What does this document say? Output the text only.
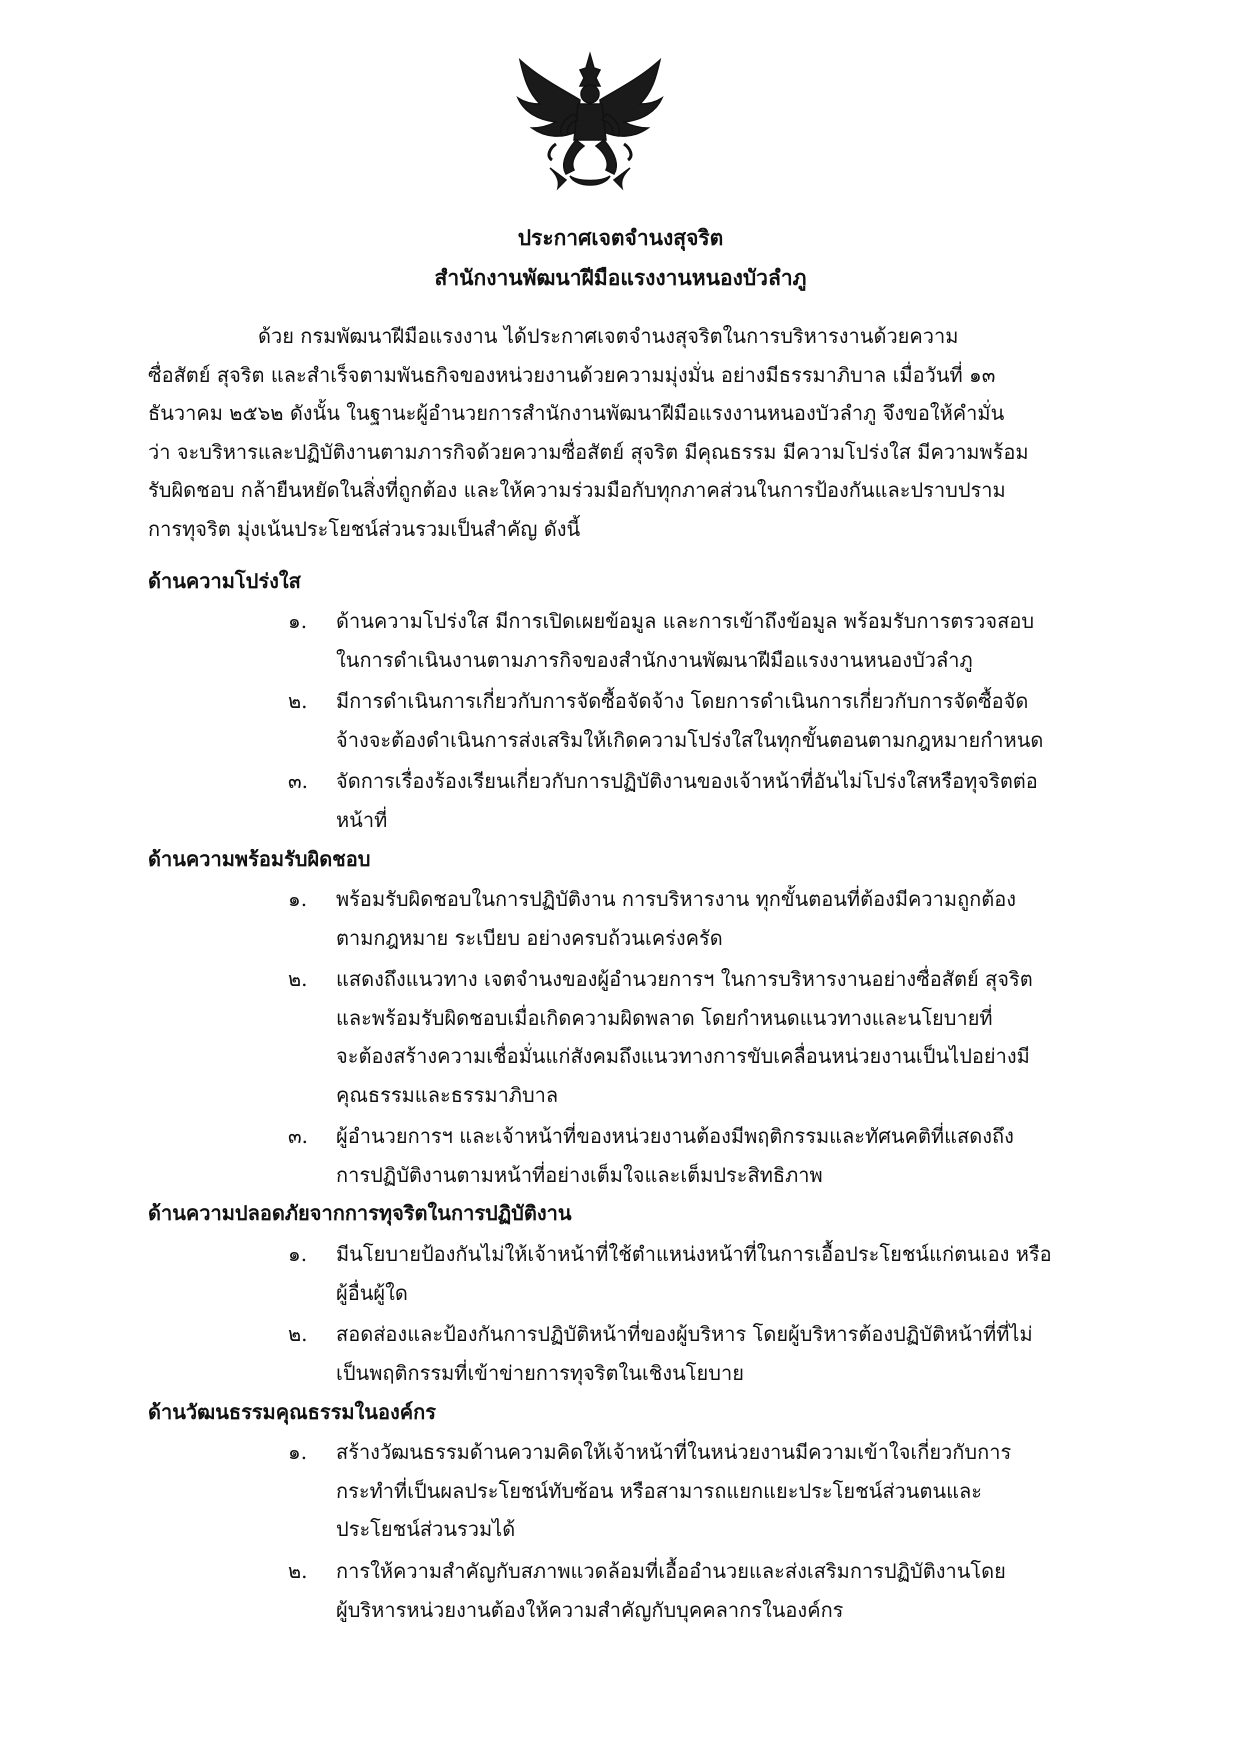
ประกาศเจตจำนงสุจริต
สำนักงานพัฒนาฝีมือแรงงานหนองบัวลำภู
ด้วย กรมพัฒนาฝีมือแรงงาน ได้ประกาศเจตจำนงสุจริตในการบริหารงานด้วยความ
ซื่อสัตย์ สุจริต และสำเร็จตามพันธกิจของหน่วยงานด้วยความมุ่งมั่น อย่างมีธรรมาภิบาล เมื่อวันที่ ๑๓
ธันวาคม ๒๕๖๒ ดังนั้น ในฐานะผู้อำนวยการสำนักงานพัฒนาฝีมือแรงงานหนองบัวลำภู จึงขอให้คำมั่น
ว่า จะบริหารและปฏิบัติงานตามภารกิจด้วยความซื่อสัตย์ สุจริต มีคุณธรรม มีความโปร่งใส มีความพร้อม
รับผิดชอบ กล้ายืนหยัดในสิ่งที่ถูกต้อง และให้ความร่วมมือกับทุกภาคส่วนในการป้องกันและปราบปราม
การทุจริต มุ่งเน้นประโยชน์ส่วนรวมเป็นสำคัญ ดังนี้
ด้านความโปร่งใส
๑. ด้านความโปร่งใส มีการเปิดเผยข้อมูล และการเข้าถึงข้อมูล พร้อมรับการตรวจสอบ
ในการดำเนินงานตามภารกิจของสำนักงานพัฒนาฝีมือแรงงานหนองบัวลำภู
๒. มีการดำเนินการเกี่ยวกับการจัดซื้อจัดจ้าง โดยการดำเนินการเกี่ยวกับการจัดซื้อจัด
จ้างจะต้องดำเนินการส่งเสริมให้เกิดความโปร่งใสในทุกขั้นตอนตามกฎหมายกำหนด
๓. จัดการเรื่องร้องเรียนเกี่ยวกับการปฏิบัติงานของเจ้าหน้าที่อันไม่โปร่งใสหรือทุจริตต่อ
หน้าที่
ด้านความพร้อมรับผิดชอบ
๑. พร้อมรับผิดชอบในการปฏิบัติงาน การบริหารงาน ทุกขั้นตอนที่ต้องมีความถูกต้อง
ตามกฎหมาย ระเบียบ อย่างครบถ้วนเคร่งครัด
๒. แสดงถึงแนวทาง เจตจำนงของผู้อำนวยการฯ ในการบริหารงานอย่างซื่อสัตย์ สุจริต
และพร้อมรับผิดชอบเมื่อเกิดความผิดพลาด โดยกำหนดแนวทางและนโยบายที่
จะต้องสร้างความเชื่อมั่นแก่สังคมถึงแนวทางการขับเคลื่อนหน่วยงานเป็นไปอย่างมี
คุณธรรมและธรรมาภิบาล
๓. ผู้อำนวยการฯ และเจ้าหน้าที่ของหน่วยงานต้องมีพฤติกรรมและทัศนคติที่แสดงถึง
การปฏิบัติงานตามหน้าที่อย่างเต็มใจและเต็มประสิทธิภาพ
ด้านความปลอดภัยจากการทุจริตในการปฏิบัติงาน
๑. มีนโยบายป้องกันไม่ให้เจ้าหน้าที่ใช้ตำแหน่งหน้าที่ในการเอื้อประโยชน์แก่ตนเอง หรือ
ผู้อื่นผู้ใด
๒. สอดส่องและป้องกันการปฏิบัติหน้าที่ของผู้บริหาร โดยผู้บริหารต้องปฏิบัติหน้าที่ที่ไม่
เป็นพฤติกรรมที่เข้าข่ายการทุจริตในเชิงนโยบาย
ด้านวัฒนธรรมคุณธรรมในองค์กร
๑. สร้างวัฒนธรรมด้านความคิดให้เจ้าหน้าที่ในหน่วยงานมีความเข้าใจเกี่ยวกับการ
กระทำที่เป็นผลประโยชน์ทับซ้อน หรือสามารถแยกแยะประโยชน์ส่วนตนและ
ประโยชน์ส่วนรวมได้
๒. การให้ความสำคัญกับสภาพแวดล้อมที่เอื้ออำนวยและส่งเสริมการปฏิบัติงานโดย
ผู้บริหารหน่วยงานต้องให้ความสำคัญกับบุคคลากรในองค์กร
